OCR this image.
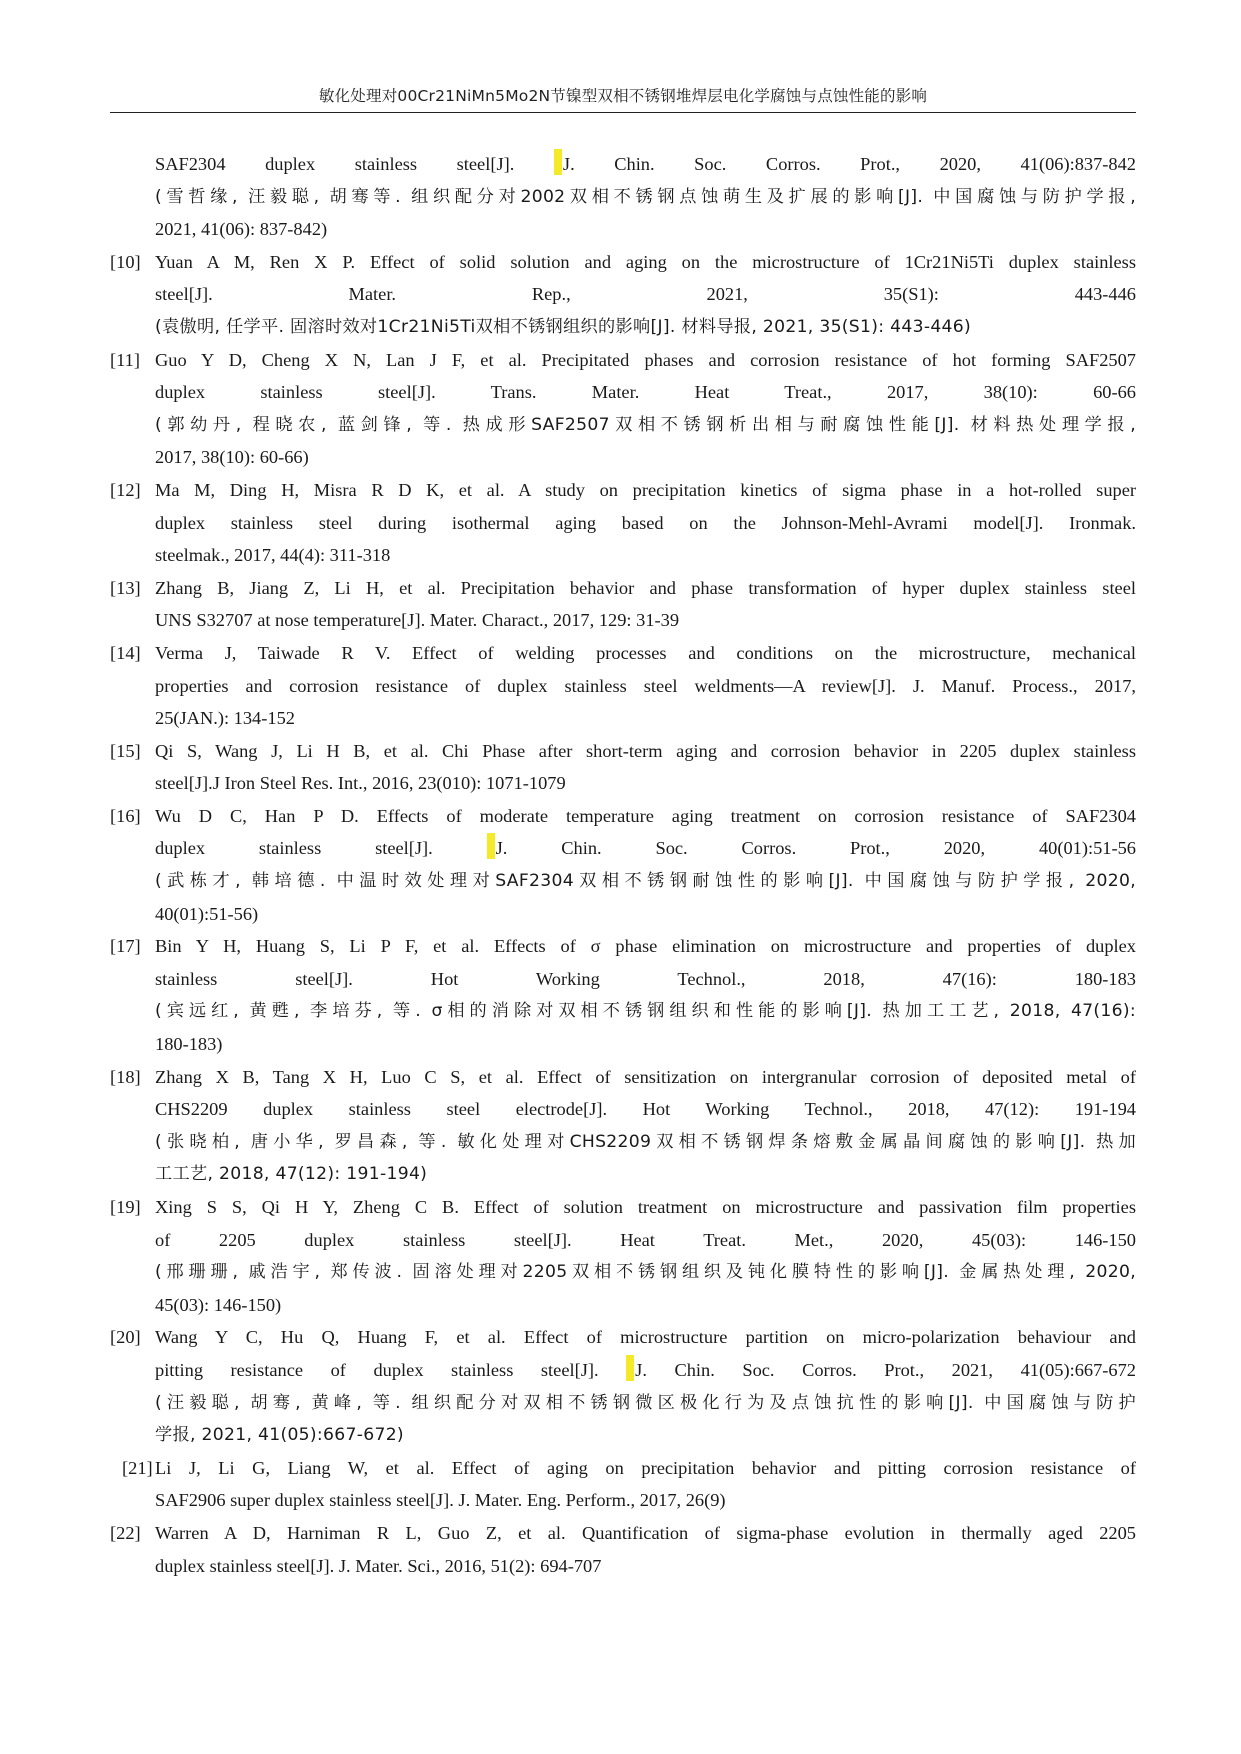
敏化处理对00Cr21NiMn5Mo2N节镍型双相不锈钢堆焊层电化学腐蚀与点蚀性能的影响
SAF2304 duplex stainless steel[J]. J. Chin. Soc. Corros. Prot., 2020, 41(06):837-842
(雪哲缘, 汪毅聪, 胡骞等. 组织配分对2002双相不锈钢点蚀萌生及扩展的影响[J]. 中国腐蚀与防护学报,
2021, 41(06): 837-842)
[10] Yuan A M, Ren X P. Effect of solid solution and aging on the microstructure of 1Cr21Ni5Ti duplex stainless
steel[J]. Mater. Rep., 2021, 35(S1): 443-446
(袁傲明, 任学平. 固溶时效对1Cr21Ni5Ti双相不锈钢组织的影响[J]. 材料导报, 2021, 35(S1): 443-446)
[11] Guo Y D, Cheng X N, Lan J F, et al. Precipitated phases and corrosion resistance of hot forming SAF2507
duplex stainless steel[J]. Trans. Mater. Heat Treat., 2017, 38(10): 60-66
(郭幼丹, 程晓农, 蓝剑锋, 等. 热成形SAF2507双相不锈钢析出相与耐腐蚀性能[J]. 材料热处理学报,
2017, 38(10): 60-66)
[12] Ma M, Ding H, Misra R D K, et al. A study on precipitation kinetics of sigma phase in a hot-rolled super
duplex stainless steel during isothermal aging based on the Johnson-Mehl-Avrami model[J]. Ironmak.
steelmak., 2017, 44(4): 311-318
[13] Zhang B, Jiang Z, Li H, et al. Precipitation behavior and phase transformation of hyper duplex stainless steel
UNS S32707 at nose temperature[J]. Mater. Charact., 2017, 129: 31-39
[14] Verma J, Taiwade R V. Effect of welding processes and conditions on the microstructure, mechanical
properties and corrosion resistance of duplex stainless steel weldments—A review[J]. J. Manuf. Process., 2017,
25(JAN.): 134-152
[15] Qi S, Wang J, Li H B, et al. Chi Phase after short-term aging and corrosion behavior in 2205 duplex stainless
steel[J].J Iron Steel Res. Int., 2016, 23(010): 1071-1079
[16] Wu D C, Han P D. Effects of moderate temperature aging treatment on corrosion resistance of SAF2304
duplex stainless steel[J]. J. Chin. Soc. Corros. Prot., 2020, 40(01):51-56
(武栋才, 韩培德. 中温时效处理对SAF2304双相不锈钢耐蚀性的影响[J]. 中国腐蚀与防护学报, 2020,
40(01):51-56)
[17] Bin Y H, Huang S, Li P F, et al. Effects of σ phase elimination on microstructure and properties of duplex
stainless steel[J]. Hot Working Technol., 2018, 47(16): 180-183
(宾远红, 黄甦, 李培芬, 等. σ相的消除对双相不锈钢组织和性能的影响[J]. 热加工工艺, 2018, 47(16):
180-183)
[18] Zhang X B, Tang X H, Luo C S, et al. Effect of sensitization on intergranular corrosion of deposited metal of
CHS2209 duplex stainless steel electrode[J]. Hot Working Technol., 2018, 47(12): 191-194
(张晓柏, 唐小华, 罗昌森, 等. 敏化处理对CHS2209双相不锈钢焊条熔敷金属晶间腐蚀的影响[J]. 热加
工工艺, 2018, 47(12): 191-194)
[19] Xing S S, Qi H Y, Zheng C B. Effect of solution treatment on microstructure and passivation film properties
of 2205 duplex stainless steel[J]. Heat Treat. Met., 2020, 45(03): 146-150
(邢珊珊, 戚浩宇, 郑传波. 固溶处理对2205双相不锈钢组织及钝化膜特性的影响[J]. 金属热处理, 2020,
45(03): 146-150)
[20] Wang Y C, Hu Q, Huang F, et al. Effect of microstructure partition on micro-polarization behaviour and
pitting resistance of duplex stainless steel[J]. J. Chin. Soc. Corros. Prot., 2021, 41(05):667-672
(汪毅聪, 胡骞, 黄峰, 等. 组织配分对双相不锈钢微区极化行为及点蚀抗性的影响[J]. 中国腐蚀与防护
学报, 2021, 41(05):667-672)
[21] Li J, Li G, Liang W, et al. Effect of aging on precipitation behavior and pitting corrosion resistance of
SAF2906 super duplex stainless steel[J]. J. Mater. Eng. Perform., 2017, 26(9)
[22] Warren A D, Harniman R L, Guo Z, et al. Quantification of sigma-phase evolution in thermally aged 2205
duplex stainless steel[J]. J. Mater. Sci., 2016, 51(2): 694-707
